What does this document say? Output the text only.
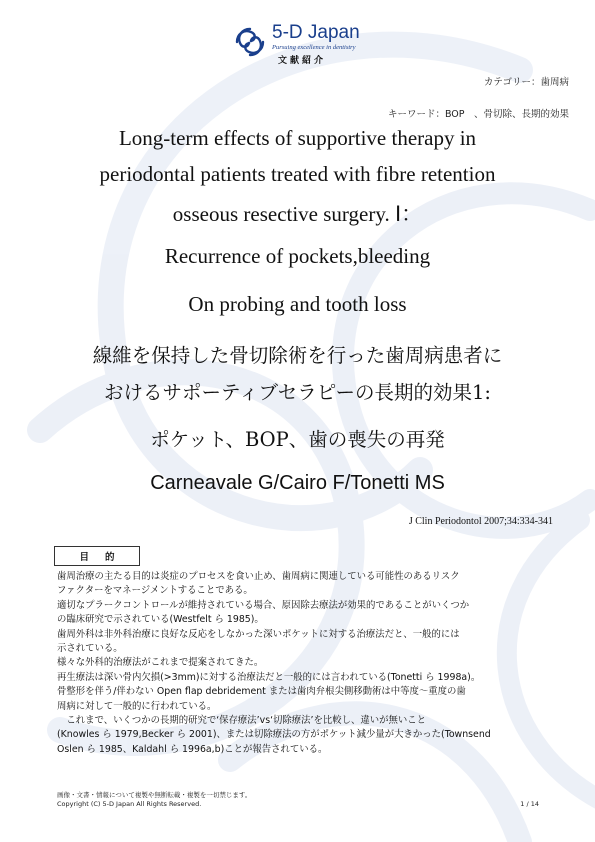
5-D Japan
Pursuing excellence in dentistry
文献紹介
カテゴリー：歯周病
キーワード：BOP　、骨切除、長期的効果
Long-term effects of supportive therapy in
periodontal patients treated with fibre retention
osseous resective surgery. Ⅰ：
Recurrence of pockets,bleeding
On probing and tooth loss
線維を保持した骨切除術を行った歯周病患者に
おけるサポーティブセラピーの長期的効果1:
ポケット、BOP、歯の喪失の再発
Carneavale G/Cairo F/Tonetti MS
J Clin Periodontol 2007;34:334-341
目的
歯周治療の主たる目的は炎症のプロセスを食い止め、歯周病に関連している可能性のあるリスク
ファクターをマネージメントすることである。
適切なプラークコントロールが維持されている場合、原因除去療法が効果的であることがいくつか
の臨床研究で示されている(Westfelt ら 1985)。
歯周外科は非外科治療に良好な反応をしなかった深いポケットに対する治療法だと、一般的には
示されている。
様々な外科的治療法がこれまで提案されてきた。
再生療法は深い骨内欠損(>3mm)に対する治療法だと一般的には言われている(Tonetti ら 1998a)。
骨整形を伴う/伴わない Open flap debridement または歯肉弁根尖側移動術は中等度～重度の歯
周病に対して一般的に行われている。
　これまで、いくつかの長期的研究で‘保存療法’vs‘切除療法’を比較し、違いが無いこと
(Knowles ら 1979,Becker ら 2001)、または切除療法の方がポケット減少量が大きかった(Townsend
Oslen ら 1985、Kaldahl ら 1996a,b)ことが報告されている。
画像・文書・情報について複製や無断転載・複製を一切禁じます。
Copyright (C) 5-D Japan All Rights Reserved.	1 / 14
